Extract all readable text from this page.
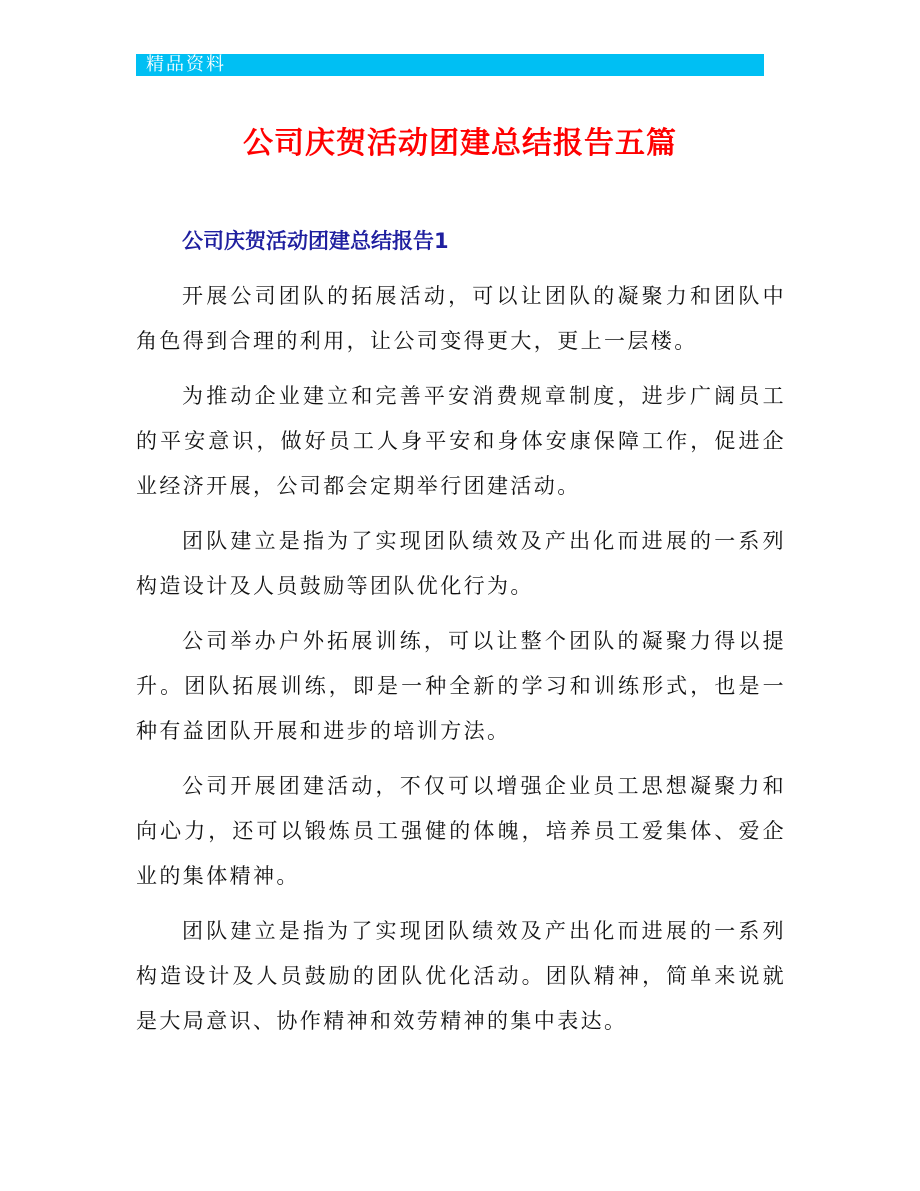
精品资料
公司庆贺活动团建总结报告五篇
公司庆贺活动团建总结报告1

开展公司团队的拓展活动，可以让团队的凝聚力和团队中角色得到合理的利用，让公司变得更大，更上一层楼。

为推动企业建立和完善平安消费规章制度，进步广阔员工的平安意识，做好员工人身平安和身体安康保障工作，促进企业经济开展，公司都会定期举行团建活动。

团队建立是指为了实现团队绩效及产出化而进展的一系列构造设计及人员鼓励等团队优化行为。

公司举办户外拓展训练，可以让整个团队的凝聚力得以提升。团队拓展训练，即是一种全新的学习和训练形式，也是一种有益团队开展和进步的培训方法。

公司开展团建活动，不仅可以增强企业员工思想凝聚力和向心力，还可以锻炼员工强健的体魄，培养员工爱集体、爱企业的集体精神。

团队建立是指为了实现团队绩效及产出化而进展的一系列构造设计及人员鼓励的团队优化活动。团队精神，简单来说就是大局意识、协作精神和效劳精神的集中表达。
